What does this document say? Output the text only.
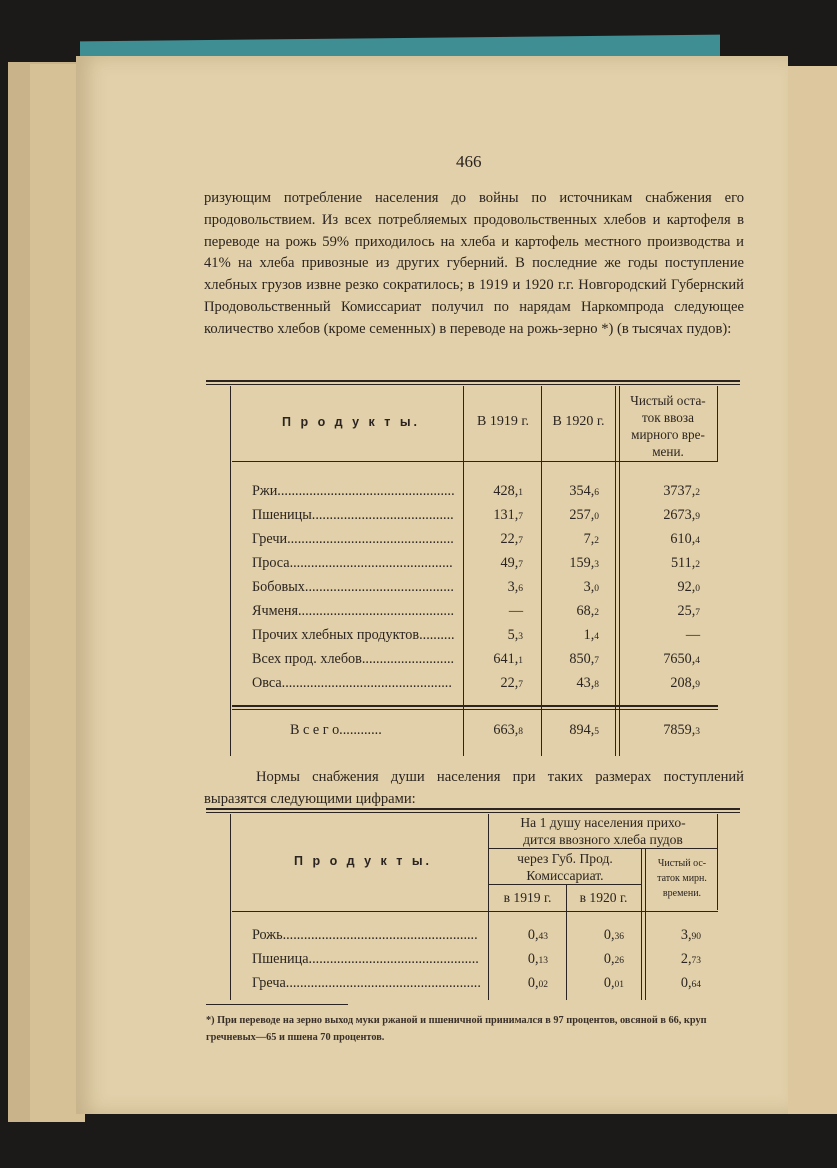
466

ризующим потребление населения до войны по источникам снабжения его продовольствием. Из всех потребляемых продовольственных хлебов и картофеля в переводе на рожь 59% приходилось на хлеба и картофель местного производства и 41% на хлеба привозные из других губерний. В последние же годы поступление хлебных грузов извне резко сократилось; в 1919 и 1920 г.г. Новгородский Губернский Продовольственный Комиссариат получил по нарядам Наркомпрода следующее количество хлебов (кроме семенных) в переводе на рожь-зерно *) (в тысячах пудов):

П р о д у к т ы.	В 1919 г.	В 1920 г.
Чистый оста-
ток ввоза
мирного вре-
мени.
Ржи..................................................	428,1	354,6	3737,2
Пшеницы........................................	131,7	257,0	2673,9
Гречи...............................................	22,7	7,2	610,4
Проса..............................................	49,7	159,3	511,2
Бобовых..........................................	3,6	3,0	92,0
Ячменя............................................	—	68,2	25,7
Прочих хлебных продуктов..........	5,3	1,4	—
Всех прод. хлебов..........................	641,1	850,7	7650,4
Овса................................................	22,7	43,8	208,9
В с е г о............	663,8	894,5	7859,3

Нормы снабжения души населения при таких размерах поступлений выразятся следующими цифрами:

П р о д у к т ы.
На 1 душу населения прихо-
дится ввозного хлеба пудов
через Губ. Прод.
Комиссариат.
в 1919 г.	в 1920 г.
Чистый ос-
таток мирн.
времени.
Рожь.......................................................	0,43	0,36	3,90
Пшеница................................................	0,13	0,26	2,73
Греча.......................................................	0,02	0,01	0,64

*) При переводе на зерно выход муки ржаной и пшеничной принимался в 97 процентов, овсяной в 66, круп гречневых—65 и пшена 70 процентов.
